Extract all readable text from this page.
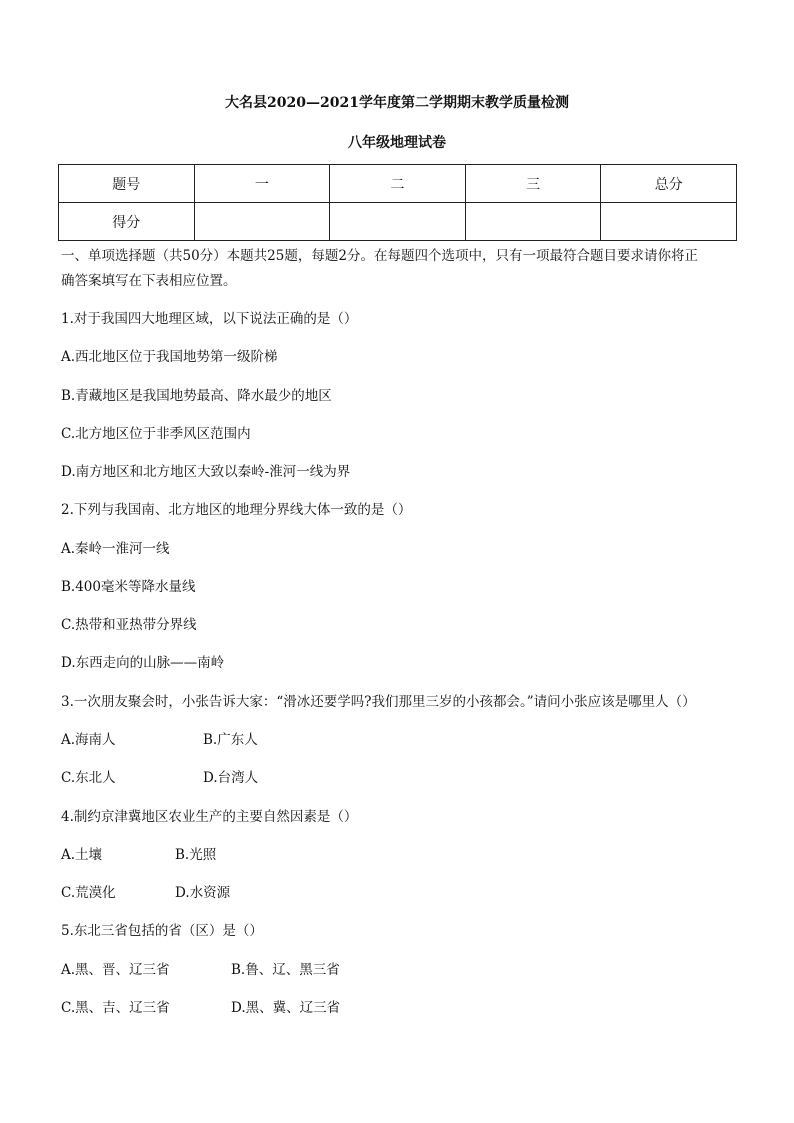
大名县2020—2021学年度第二学期期末教学质量检测
八年级地理试卷
题号	一	二	三	总分
得分				
一、单项选择题（共50分）本题共25题，每题2分。在每题四个选项中，只有一项最符合题目要求请你将正
确答案填写在下表相应位置。
1.对于我国四大地理区域，以下说法正确的是（）
A.西北地区位于我国地势第一级阶梯
B.青藏地区是我国地势最高、降水最少的地区
C.北方地区位于非季风区范围内
D.南方地区和北方地区大致以秦岭-淮河一线为界
2.下列与我国南、北方地区的地理分界线大体一致的是（）
A.秦岭一淮河一线
B.400毫米等降水量线
C.热带和亚热带分界线
D.东西走向的山脉——南岭
3.一次朋友聚会时，小张告诉大家：“滑冰还要学吗?我们那里三岁的小孩都会。”请问小张应该是哪里人（）
A.海南人	B.广东人
C.东北人	D.台湾人
4.制约京津冀地区农业生产的主要自然因素是（）
A.土壤	B.光照
C.荒漠化	D.水资源
5.东北三省包括的省（区）是（）
A.黑、晋、辽三省	B.鲁、辽、黑三省
C.黑、吉、辽三省	D.黑、冀、辽三省
